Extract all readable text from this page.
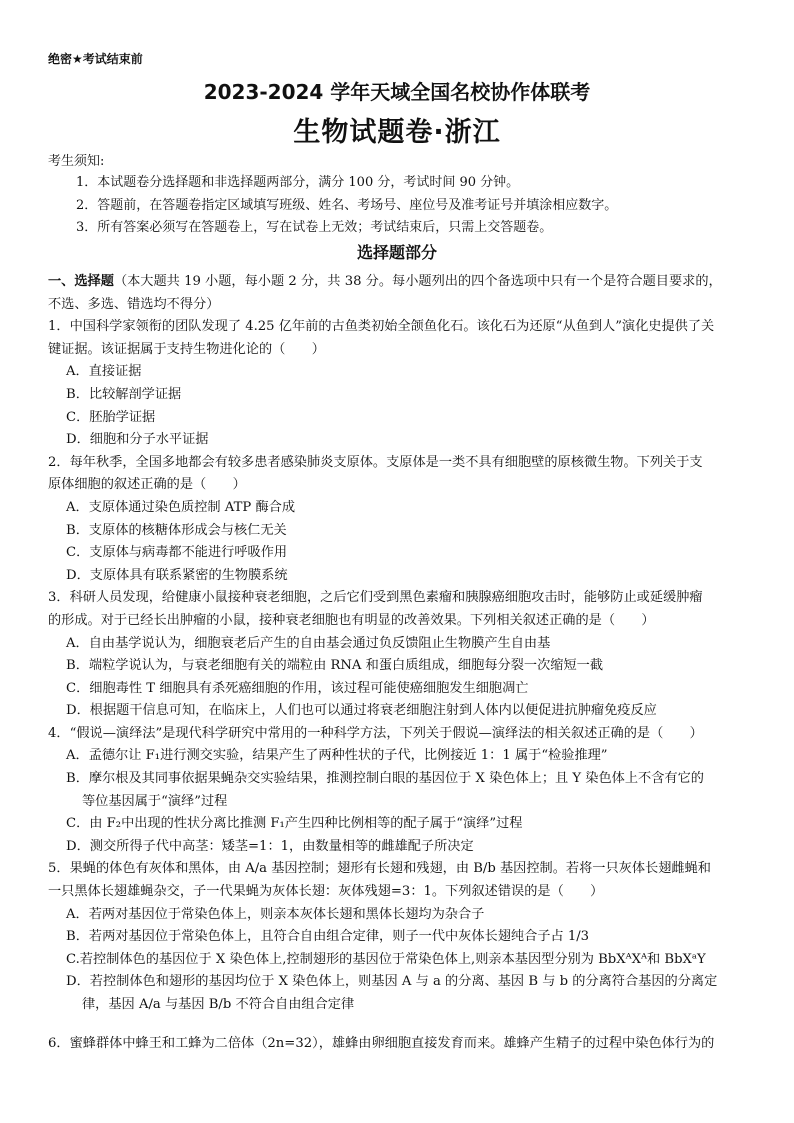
绝密★考试结束前
2023-2024 学年天域全国名校协作体联考
生物试题卷·浙江
考生须知:
1．本试题卷分选择题和非选择题两部分，满分 100 分，考试时间 90 分钟。
2．答题前，在答题卷指定区域填写班级、姓名、考场号、座位号及准考证号并填涂相应数字。
3．所有答案必须写在答题卷上，写在试卷上无效；考试结束后，只需上交答题卷。
选择题部分
一、选择题（本大题共 19 小题，每小题 2 分，共 38 分。每小题列出的四个备选项中只有一个是符合题目要求的，
不选、多选、错选均不得分）
1．中国科学家领衔的团队发现了 4.25 亿年前的古鱼类初始全颌鱼化石。该化石为还原“从鱼到人”演化史提供了关
键证据。该证据属于支持生物进化论的（　　）
A．直接证据
B．比较解剖学证据
C．胚胎学证据
D．细胞和分子水平证据
2．每年秋季，全国多地都会有较多患者感染肺炎支原体。支原体是一类不具有细胞壁的原核微生物。下列关于支
原体细胞的叙述正确的是（　　）
A．支原体通过染色质控制 ATP 酶合成
B．支原体的核糖体形成会与核仁无关
C．支原体与病毒都不能进行呼吸作用
D．支原体具有联系紧密的生物膜系统
3．科研人员发现，给健康小鼠接种衰老细胞，之后它们受到黑色素瘤和胰腺癌细胞攻击时，能够防止或延缓肿瘤
的形成。对于已经长出肿瘤的小鼠，接种衰老细胞也有明显的改善效果。下列相关叙述正确的是（　　）
A．自由基学说认为，细胞衰老后产生的自由基会通过负反馈阻止生物膜产生自由基
B．端粒学说认为，与衰老细胞有关的端粒由 RNA 和蛋白质组成，细胞每分裂一次缩短一截
C．细胞毒性 T 细胞具有杀死癌细胞的作用，该过程可能使癌细胞发生细胞凋亡
D．根据题干信息可知，在临床上，人们也可以通过将衰老细胞注射到人体内以便促进抗肿瘤免疫反应
4．“假说—演绎法”是现代科学研究中常用的一种科学方法，下列关于假说—演绎法的相关叙述正确的是（　　）
A．孟德尔让 F₁进行测交实验，结果产生了两种性状的子代，比例接近 1：1 属于“检验推理”
B．摩尔根及其同事依据果蝇杂交实验结果，推测控制白眼的基因位于 X 染色体上；且 Y 染色体上不含有它的
等位基因属于“演绎”过程
C．由 F₂中出现的性状分离比推测 F₁产生四种比例相等的配子属于“演绎”过程
D．测交所得子代中高茎：矮茎=1：1，由数量相等的雌雄配子所决定
5．果蝇的体色有灰体和黑体，由 A/a 基因控制；翅形有长翅和残翅，由 B/b 基因控制。若将一只灰体长翅雌蝇和
一只黑体长翅雄蝇杂交，子一代果蝇为灰体长翅：灰体残翅=3：1。下列叙述错误的是（　　）
A．若两对基因位于常染色体上，则亲本灰体长翅和黑体长翅均为杂合子
B．若两对基因位于常染色体上，且符合自由组合定律，则子一代中灰体长翅纯合子占 1/3
C.若控制体色的基因位于 X 染色体上,控制翅形的基因位于常染色体上,则亲本基因型分别为 BbXᴬXᴬ和 BbXᵃY
D．若控制体色和翅形的基因均位于 X 染色体上，则基因 A 与 a 的分离、基因 B 与 b 的分离符合基因的分离定
律，基因 A/a 与基因 B/b 不符合自由组合定律
6．蜜蜂群体中蜂王和工蜂为二倍体（2n=32），雄蜂由卵细胞直接发育而来。雄蜂产生精子的过程中染色体行为的
